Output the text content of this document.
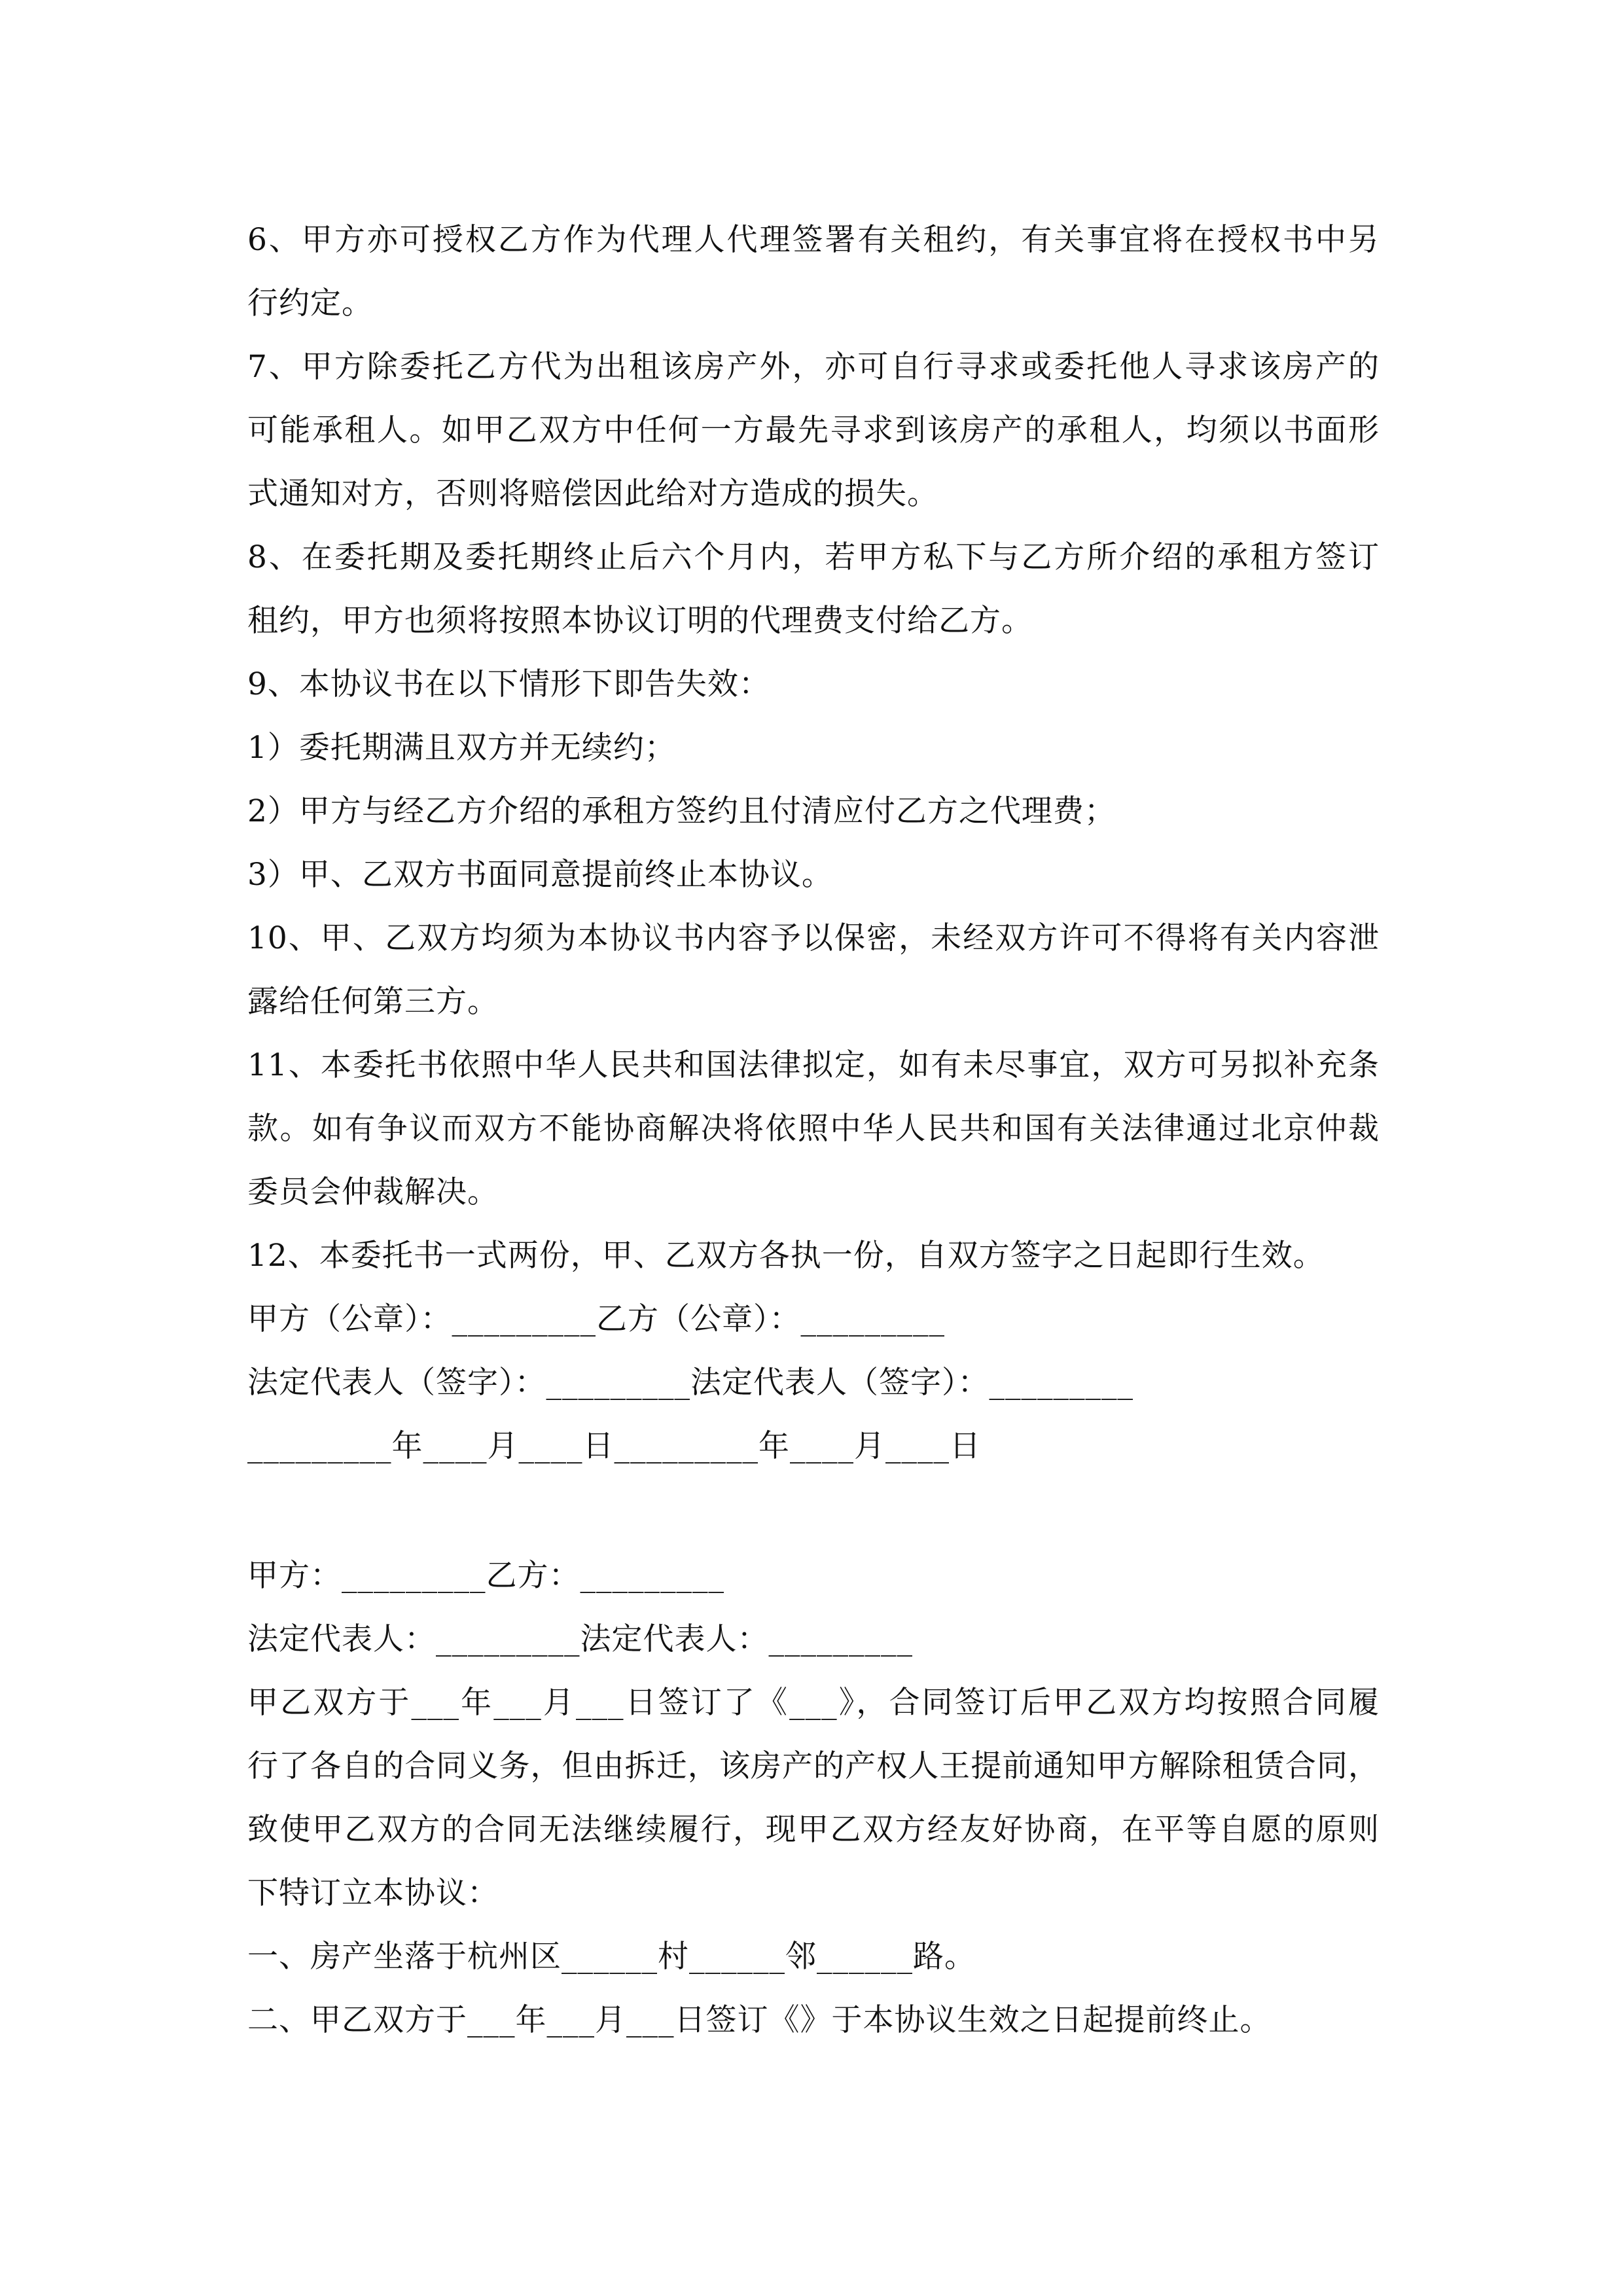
6、甲方亦可授权乙方作为代理人代理签署有关租约，有关事宜将在授权书中另
行约定。
7、甲方除委托乙方代为出租该房产外，亦可自行寻求或委托他人寻求该房产的
可能承租人。如甲乙双方中任何一方最先寻求到该房产的承租人，均须以书面形
式通知对方，否则将赔偿因此给对方造成的损失。
8、在委托期及委托期终止后六个月内，若甲方私下与乙方所介绍的承租方签订
租约，甲方也须将按照本协议订明的代理费支付给乙方。
9、本协议书在以下情形下即告失效：
1）委托期满且双方并无续约；
2）甲方与经乙方介绍的承租方签约且付清应付乙方之代理费；
3）甲、乙双方书面同意提前终止本协议。
10、甲、乙双方均须为本协议书内容予以保密，未经双方许可不得将有关内容泄
露给任何第三方。
11、本委托书依照中华人民共和国法律拟定，如有未尽事宜，双方可另拟补充条
款。如有争议而双方不能协商解决将依照中华人民共和国有关法律通过北京仲裁
委员会仲裁解决。
12、本委托书一式两份，甲、乙双方各执一份，自双方签字之日起即行生效。
甲方（公章）：_________乙方（公章）：_________
法定代表人（签字）：_________法定代表人（签字）：_________
_________年____月____日_________年____月____日
甲方：_________乙方：_________
法定代表人：_________法定代表人：_________
甲乙双方于___年___月___日签订了《___》，合同签订后甲乙双方均按照合同履
行了各自的合同义务，但由拆迁，该房产的产权人王提前通知甲方解除租赁合同，
致使甲乙双方的合同无法继续履行，现甲乙双方经友好协商，在平等自愿的原则
下特订立本协议：
一、房产坐落于杭州区______村______邻______路。
二、甲乙双方于___年___月___日签订《》于本协议生效之日起提前终止。
